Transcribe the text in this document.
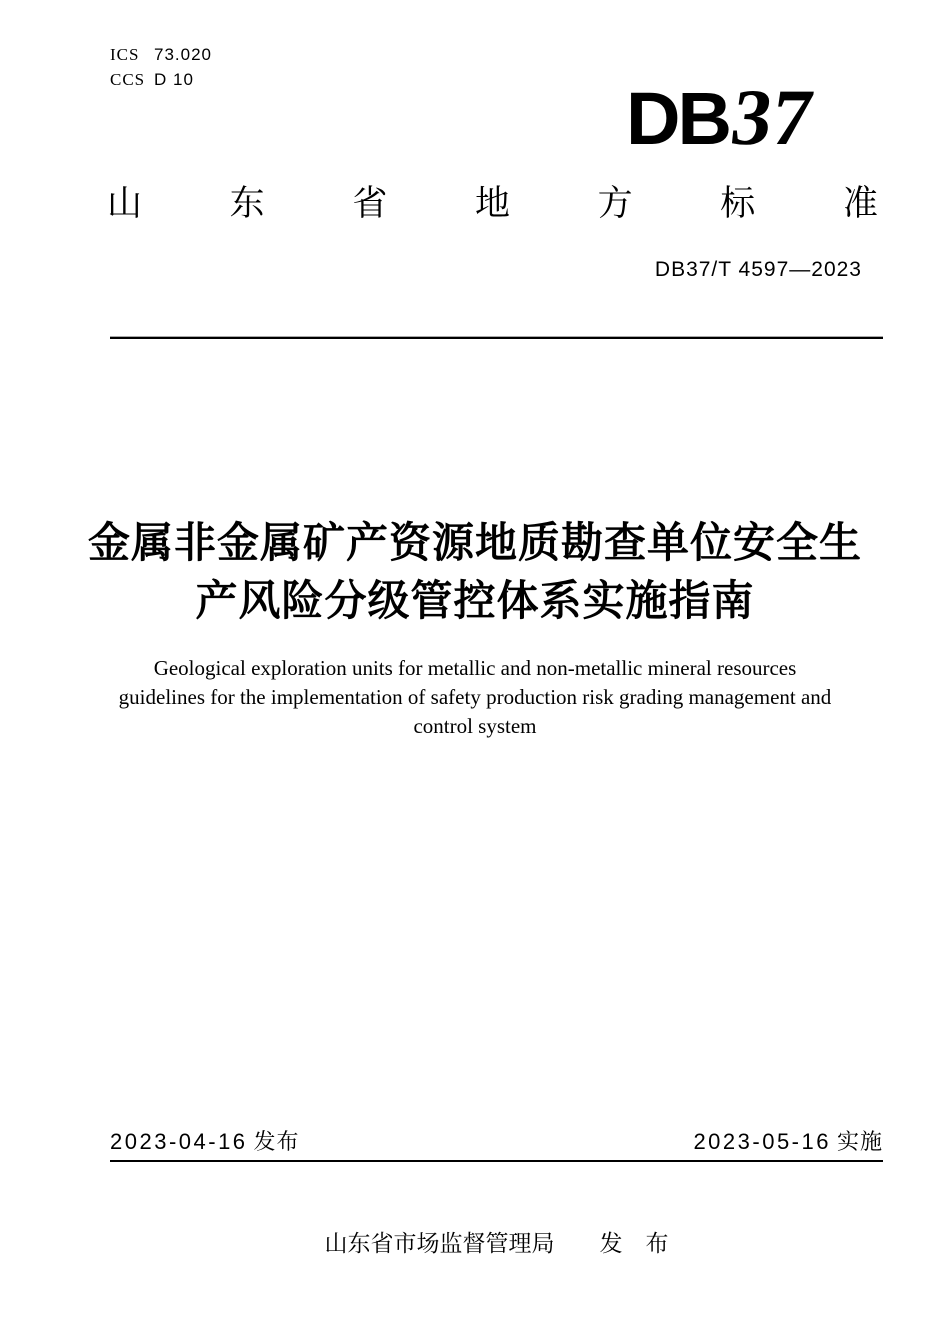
ICS 73.020
CCS D 10	DB37
山	东	省	地	方	标	准
DB37/T 4597—2023
金属非金属矿产资源地质勘查单位安全生
产风险分级管控体系实施指南
Geological exploration units for metallic and non-metallic mineral resources
guidelines for the implementation of safety production risk grading management and
control system
2023-04-16 发布	2023-05-16 实施
山东省市场监督管理局 发　布
